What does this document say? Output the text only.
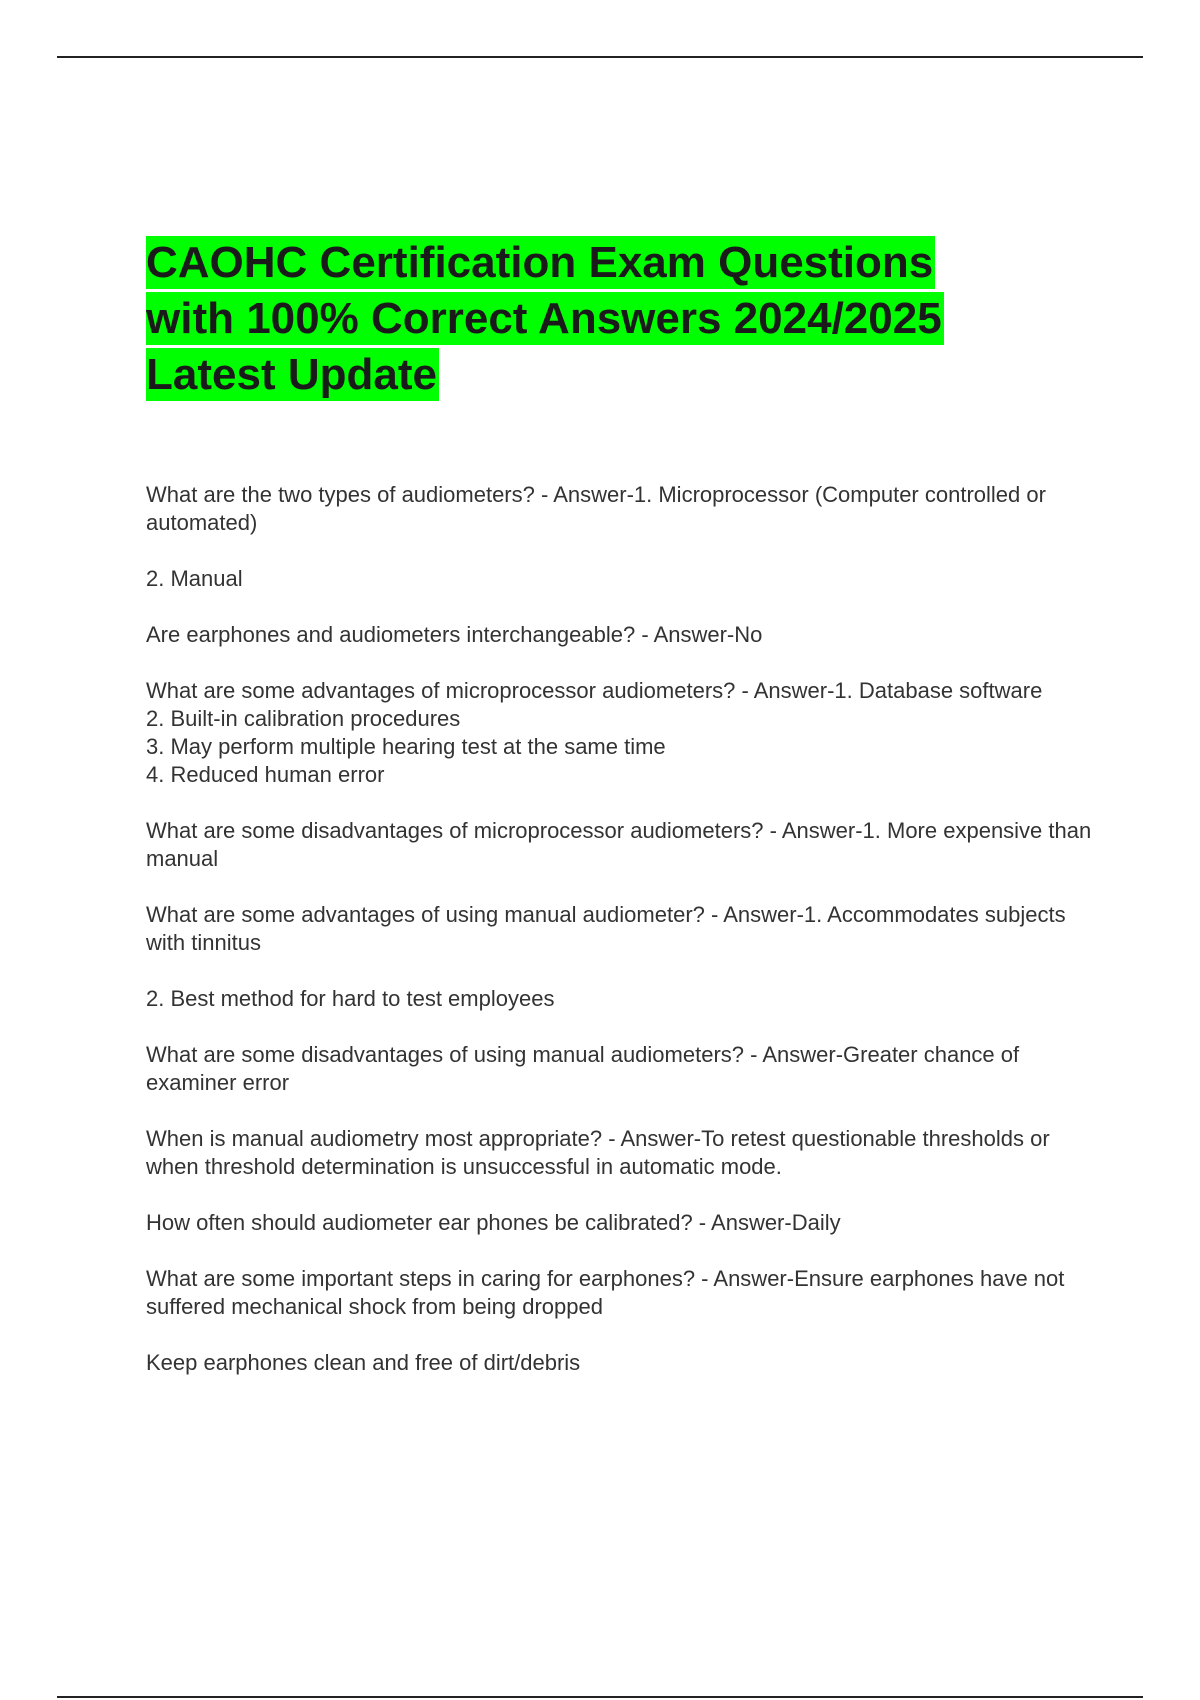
CAOHC Certification Exam Questions
with 100% Correct Answers 2024/2025
Latest Update

What are the two types of audiometers? - Answer-1. Microprocessor (Computer controlled or automated)

2. Manual

Are earphones and audiometers interchangeable? - Answer-No

What are some advantages of microprocessor audiometers? - Answer-1. Database software
2. Built-in calibration procedures
3. May perform multiple hearing test at the same time
4. Reduced human error

What are some disadvantages of microprocessor audiometers? - Answer-1. More expensive than manual

What are some advantages of using manual audiometer? - Answer-1. Accommodates subjects with tinnitus

2. Best method for hard to test employees

What are some disadvantages of using manual audiometers? - Answer-Greater chance of examiner error

When is manual audiometry most appropriate? - Answer-To retest questionable thresholds or when threshold determination is unsuccessful in automatic mode.

How often should audiometer ear phones be calibrated? - Answer-Daily

What are some important steps in caring for earphones? - Answer-Ensure earphones have not suffered mechanical shock from being dropped

Keep earphones clean and free of dirt/debris
